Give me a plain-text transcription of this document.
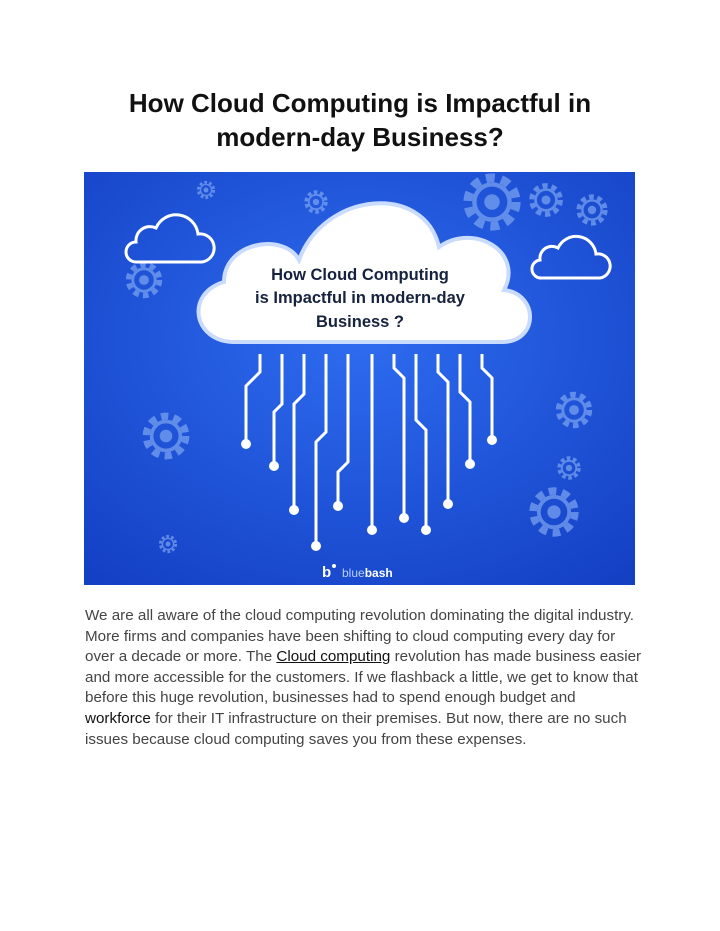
How Cloud Computing is Impactful in
modern-day Business?
How Cloud Computing
is Impactful in modern-day
Business ?
b bluebash

We are all aware of the cloud computing revolution dominating the digital industry. More firms and companies have been shifting to cloud computing every day for over a decade or more. The Cloud computing revolution has made business easier and more accessible for the customers. If we flashback a little, we get to know that before this huge revolution, businesses had to spend enough budget and workforce for their IT infrastructure on their premises. But now, there are no such issues because cloud computing saves you from these expenses.
